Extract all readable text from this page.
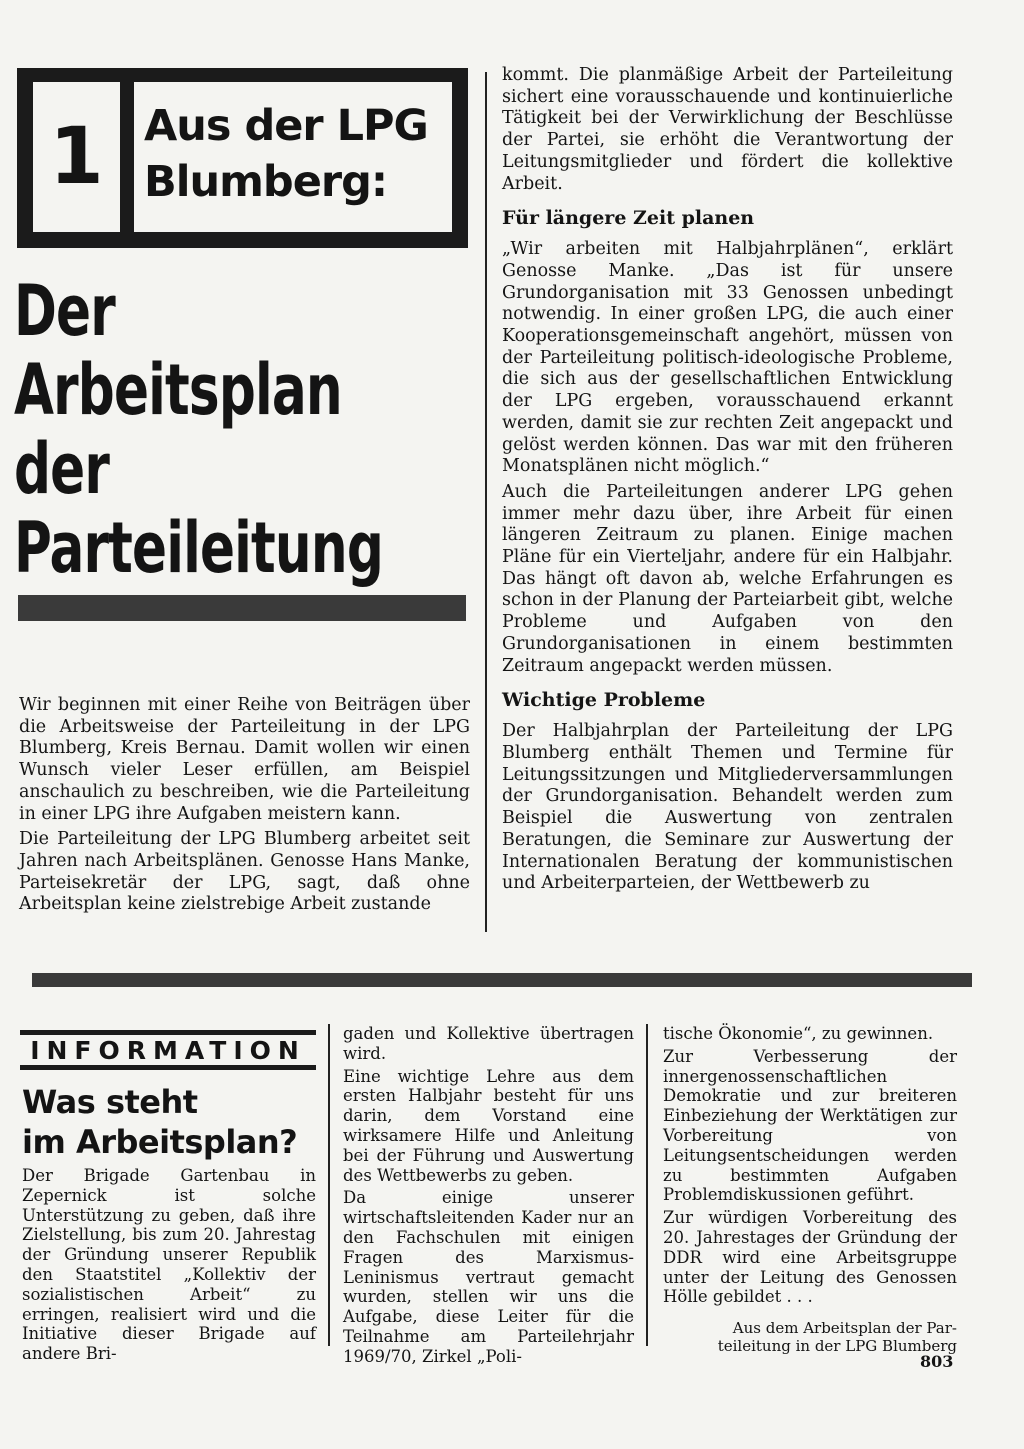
1 Aus der LPG
Blumberg:
Der
Arbeitsplan
der
Parteileitung

Wir beginnen mit einer Reihe von Beiträgen über die Arbeitsweise der Parteileitung in der LPG Blumberg, Kreis Bernau. Damit wollen wir einen Wunsch vieler Leser erfüllen, am Beispiel anschaulich zu beschreiben, wie die Parteileitung in einer LPG ihre Aufgaben meistern kann.

Die Parteileitung der LPG Blumberg arbeitet seit Jahren nach Arbeitsplänen. Genosse Hans Manke, Parteisekretär der LPG, sagt, daß ohne Arbeitsplan keine zielstrebige Arbeit zustande

kommt. Die planmäßige Arbeit der Parteileitung sichert eine vorausschauende und kontinuierliche Tätigkeit bei der Verwirklichung der Beschlüsse der Partei, sie erhöht die Verantwortung der Leitungsmitglieder und fördert die kollektive Arbeit.

Für längere Zeit planen

„Wir arbeiten mit Halbjahrplänen“, erklärt Genosse Manke. „Das ist für unsere Grundorganisation mit 33 Genossen unbedingt notwendig. In einer großen LPG, die auch einer Kooperationsgemeinschaft angehört, müssen von der Parteileitung politisch-ideologische Probleme, die sich aus der gesellschaftlichen Entwicklung der LPG ergeben, vorausschauend erkannt werden, damit sie zur rechten Zeit angepackt und gelöst werden können. Das war mit den früheren Monatsplänen nicht möglich.“

Auch die Parteileitungen anderer LPG gehen immer mehr dazu über, ihre Arbeit für einen längeren Zeitraum zu planen. Einige machen Pläne für ein Vierteljahr, andere für ein Halbjahr. Das hängt oft davon ab, welche Erfahrungen es schon in der Planung der Parteiarbeit gibt, welche Probleme und Aufgaben von den Grundorganisationen in einem bestimmten Zeitraum angepackt werden müssen.

Wichtige Probleme

Der Halbjahrplan der Parteileitung der LPG Blumberg enthält Themen und Termine für Leitungssitzungen und Mitgliederversammlungen der Grundorganisation. Behandelt werden zum Beispiel die Auswertung von zentralen Beratungen, die Seminare zur Auswertung der Internationalen Beratung der kommunistischen und Arbeiterparteien, der Wettbewerb zu

INFORMATION
Was steht
im Arbeitsplan?

Der Brigade Gartenbau in Zepernick ist solche Unterstützung zu geben, daß ihre Zielstellung, bis zum 20. Jahrestag der Gründung unserer Republik den Staatstitel „Kollektiv der sozialistischen Arbeit“ zu erringen, realisiert wird und die Initiative dieser Brigade auf andere Bri-

gaden und Kollektive übertragen wird.

Eine wichtige Lehre aus dem ersten Halbjahr besteht für uns darin, dem Vorstand eine wirksamere Hilfe und Anleitung bei der Führung und Auswertung des Wettbewerbs zu geben.

Da einige unserer wirtschaftsleitenden Kader nur an den Fachschulen mit einigen Fragen des Marxismus-Leninismus vertraut gemacht wurden, stellen wir uns die Aufgabe, diese Leiter für die Teilnahme am Parteilehrjahr 1969/70, Zirkel „Poli-

tische Ökonomie“, zu gewinnen.

Zur Verbesserung der innergenossenschaftlichen Demokratie und zur breiteren Einbeziehung der Werktätigen zur Vorbereitung von Leitungsentscheidungen werden zu bestimmten Aufgaben Problemdiskussionen geführt.

Zur würdigen Vorbereitung des 20. Jahrestages der Gründung der DDR wird eine Arbeitsgruppe unter der Leitung des Genossen Hölle gebildet . . .

Aus dem Arbeitsplan der Par-
teileitung in der LPG Blumberg
803
